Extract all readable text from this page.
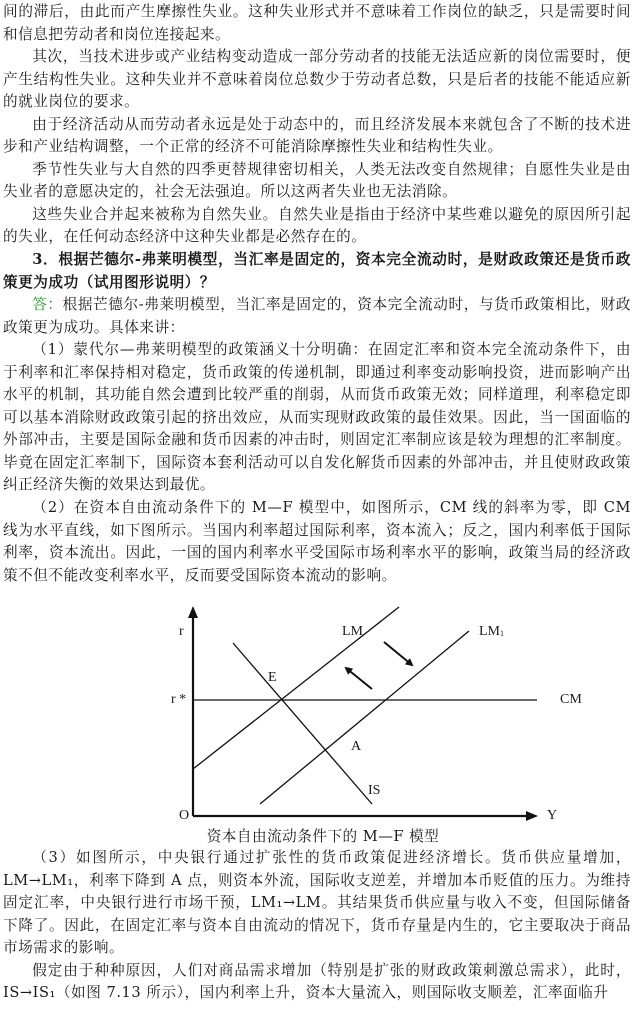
间的滞后，由此而产生摩擦性失业。这种失业形式并不意味着工作岗位的缺乏，只是需要时间和信息把劳动者和岗位连接起来。

其次，当技术进步或产业结构变动造成一部分劳动者的技能无法适应新的岗位需要时，便产生结构性失业。这种失业并不意味着岗位总数少于劳动者总数，只是后者的技能不能适应新的就业岗位的要求。

由于经济活动从而劳动者永远是处于动态中的，而且经济发展本来就包含了不断的技术进步和产业结构调整，一个正常的经济不可能消除摩擦性失业和结构性失业。

季节性失业与大自然的四季更替规律密切相关，人类无法改变自然规律；自愿性失业是由失业者的意愿决定的，社会无法强迫。所以这两者失业也无法消除。

这些失业合并起来被称为自然失业。自然失业是指由于经济中某些难以避免的原因所引起的失业，在任何动态经济中这种失业都是必然存在的。

3．根据芒德尔-弗莱明模型，当汇率是固定的，资本完全流动时，是财政政策还是货币政策更为成功（试用图形说明）？

答：根据芒德尔-弗莱明模型，当汇率是固定的，资本完全流动时，与货币政策相比，财政政策更为成功。具体来讲：

（1）蒙代尔—弗莱明模型的政策涵义十分明确：在固定汇率和资本完全流动条件下，由于利率和汇率保持相对稳定，货币政策的传递机制，即通过利率变动影响投资，进而影响产出水平的机制，其功能自然会遭到比较严重的削弱，从而货币政策无效；同样道理，利率稳定即可以基本消除财政政策引起的挤出效应，从而实现财政政策的最佳效果。因此，当一国面临的外部冲击，主要是国际金融和货币因素的冲击时，则固定汇率制应该是较为理想的汇率制度。毕竟在固定汇率制下，国际资本套利活动可以自发化解货币因素的外部冲击，并且使财政政策纠正经济失衡的效果达到最优。

（2）在资本自由流动条件下的 M—F 模型中，如图所示，CM 线的斜率为零，即 CM 线为水平直线，如下图所示。当国内利率超过国际利率，资本流入；反之，国内利率低于国际利率，资本流出。因此，一国的国内利率水平受国际市场利率水平的影响，政策当局的经济政策不但不能改变利率水平，反而要受国际资本流动的影响。

r
r *
O	Y
LM	$LM_1$
CM
E
A
IS
资本自由流动条件下的 M—F 模型

（3）如图所示，中央银行通过扩张性的货币政策促进经济增长。货币供应量增加，LM→LM₁，利率下降到 A 点，则资本外流，国际收支逆差，并增加本币贬值的压力。为维持固定汇率，中央银行进行市场干预，LM₁→LM。其结果货币供应量与收入不变，但国际储备下降了。因此，在固定汇率与资本自由流动的情况下，货币存量是内生的，它主要取决于商品市场需求的影响。

假定由于种种原因，人们对商品需求增加（特别是扩张的财政政策刺激总需求），此时，IS→IS₁（如图 7.13 所示），国内利率上升，资本大量流入，则国际收支顺差，汇率面临升
